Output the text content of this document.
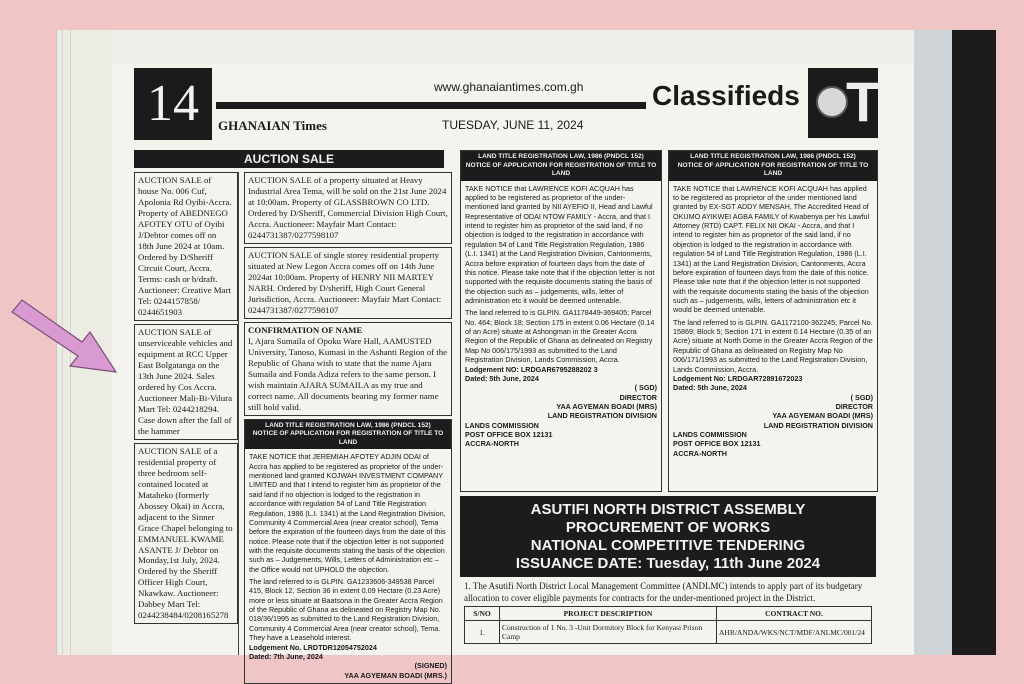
14	www.ghanaiantimes.com.gh Classifieds T
GHANAIAN Times	TUESDAY, JUNE 11, 2024
AUCTION SALE
AUCTION SALE of house No. 006 Cuf, Apolonia Rd Oyibi-Accra. Property of ABEDNEGO AFOTEY OTU of Oyibi J/Debtor comes off on 18th June 2024 at 10am. Ordered by D/Sheriff Circuit Court, Accra. Terms: cash or b/draft. Auctioneer: Creative Mart Tel: 0244157858/ 0244651903
AUCTION SALE of unserviceable vehicles and equipment at RCC Upper East Bolgatanga on the 13th June 2024. Sales ordered by Cos Accra. Auctioneer Mali-Bi-Vilura Mart Tel: 0244218294. Case down after the fall of the hammer
AUCTION SALE of a residential property of three bedroom self-contained located at Mataheko (formerly Abossey Okai) in Accra, adjacent to the Sinner Grace Chapel belonging to EMMANUEL KWAME ASANTE J/ Debtor on Monday,1st July, 2024. Ordered by the Sheriff Officer High Court, Nkawkaw. Auctioneer: Dabbey Mart Tel: 0244238484/0208165278
AUCTION SALE of a property situated at Heavy Industrial Area Tema, will be sold on the 21st June 2024 at 10:00am. Property of GLASSBROWN CO LTD. Ordered by D/Sheriff, Commercial Division High Court, Accra. Auctioneer: Mayfair Mart Contact: 0244731387/0277598107
AUCTION SALE of single storey residential property situated at New Legon Accra comes off on 14th June 2024at 10:00am. Property of HENRY NII MARTEY NARH. Ordered by D/sheriff, High Court General Jurisdiction, Accra. Auctioneer: Mayfair Mart Contact: 0244731387/0277598107
CONFIRMATION OF NAME
I, Ajara Sumaila of Opoku Ware Hall, AAMUSTED University, Tanoso, Kumasi in the Ashanti Region of the Republic of Ghana wish to state that the name Ajara Sumaila and Fonda Adiza refers to the same person. I wish maintain AJARA SUMAILA as my true and correct name. All documents bearing my former name still hold valid.
LAND TITLE REGISTRATION LAW, 1986 (PNDCL 152)
NOTICE OF APPLICATION FOR REGISTRATION OF TITLE TO LAND
TAKE NOTICE that JEREMIAH AFOTEY ADJIN ODAI of Accra has applied to be registered as proprietor of the under-mentioned land granted KOJWAH INVESTMENT COMPANY LIMITED and that I intend to register him as proprietor of the said land if no objection is lodged to the registration in accordance with regulation 54 of Land Title Registration Regulation, 1986 (L.I. 1341) at the Land Registration Division, Community 4 Commercial Area (near creator school), Tema before the expiration of the fourteen days from the date of this notice. Please note that if the objection letter is not supported with the requisite documents stating the basis of the objection such as – Judgements, Wills, Letters of Administration etc – the Office would not UPHOLD the objection.
The land referred to is GLPIN. GA1233606-349538 Parcel 415, Block 12, Section 36 in extent 0.09 Hectare (0.23 Acre) more or less situate at Baatsona in the Greater Accra Region of the Republic of Ghana as delineated on Registry Map No. 018/36/1995 as submitted to the Land Registration Division, Community 4 Commercial Area (near creator school), Tema. They have a Leasehold interest.
Lodgement No. LRDTDR12054752024
Dated: 7th June, 2024
(SIGNED)
YAA AGYEMAN BOADI (MRS.)
LAND TITLE REGISTRATION LAW, 1986 (PNDCL 152)
NOTICE OF APPLICATION FOR REGISTRATION OF TITLE TO LAND
TAKE NOTICE that LAWRENCE KOFI ACQUAH has applied to be registered as proprietor of the under-mentioned land granted by NII AYEFIO II, Head and Lawful Representative of ODAI NTOW FAMILY - Accra, and that I intend to register him as proprietor of the said land, if no objection is lodged to the registration in accordance with regulation 54 of Land Title Registration Regulation, 1986 (L.I. 1341) at the Land Registration Division, Cantonments, Accra before expiration of fourteen days from the date of this notice. Please take note that if the objection letter is not supported with the requisite documents stating the basis of the objection such as – judgements, wills, letter of administration etc it would be deemed untenable.
The land referred to is GLPIN. GA1178449-369405; Parcel No. 464; Block 18; Section 175 in extent 0.06 Hectare (0.14 of an Acre) situate at Ashongman in the Greater Accra Region of the Republic of Ghana as delineated on Registry Map No 006/175/1993 as submitted to the Land Registration Division, Lands Commission, Accra.
Lodgement NO: LRDGAR6795288202 3
Dated: 5th June, 2024
( SGD)
DIRECTOR
YAA AGYEMAN BOADI (MRS)
LAND REGISTRATION DIVISION
LANDS COMMISSION
POST OFFICE BOX 12131
ACCRA-NORTH
LAND TITLE REGISTRATION LAW, 1986 (PNDCL 152)
NOTICE OF APPLICATION FOR REGISTRATION OF TITLE TO LAND
TAKE NOTICE that LAWRENCE KOFI ACQUAH has applied to be registered as proprietor of the under mentioned land granted by EX-SGT ADDY MENSAH, The Accredited Head of OKUMO AYIKWEI AGBA FAMILY of Kwabenya per his Lawful Attorney (RTD) CAPT. FELIX NII OKAI - Accra, and that I intend to register him as proprietor of the said land, if no objection is lodged to the registration in accordance with regulation 54 of Land Title Registration Regulation, 1986 (L.I. 1341) at the Land Registration Division, Cantonments, Accra before expiration of fourteen days from the date of this notice. Please take note that if the objection letter is not supported with the requisite documents stating the basis of the objection such as – judgements, wills, letters of administration etc it would be deemed untenable.
The land referred to is GLPIN. GA1172100-362245; Parcel No. 15869; Block 5; Section 171 in extent 0.14 Hectare (0.35 of an Acre) situate at North Dome in the Greater Accra Region of the Republic of Ghana as delineated on Registry Map No 006/171/1993 as submitted to the Land Registration Division, Lands Commission, Accra.
Lodgement No: LRDGAR72891672023
Dated: 5th June, 2024
( SGD)
DIRECTOR
YAA AGYEMAN BOADI (MRS)
LAND REGISTRATION DIVISION
LANDS COMMISSION
POST OFFICE BOX 12131
ACCRA-NORTH
ASUTIFI NORTH DISTRICT ASSEMBLY
PROCUREMENT OF WORKS
NATIONAL COMPETITIVE TENDERING
ISSUANCE DATE: Tuesday, 11th June 2024
1. The Asutifi North District Local Management Committee (ANDLMC) intends to apply part of its budgetary allocation to cover eligible payments for contracts for the under-mentioned project in the District.
S/NO	PROJECT DESCRIPTION	CONTRACT NO.
1.	Construction of 1 No. 3 -Unit Dormitory Block for Kenyasi Prison Camp	AHR/ANDA/WKS/NCT/MDF/ANLMC/001/24
